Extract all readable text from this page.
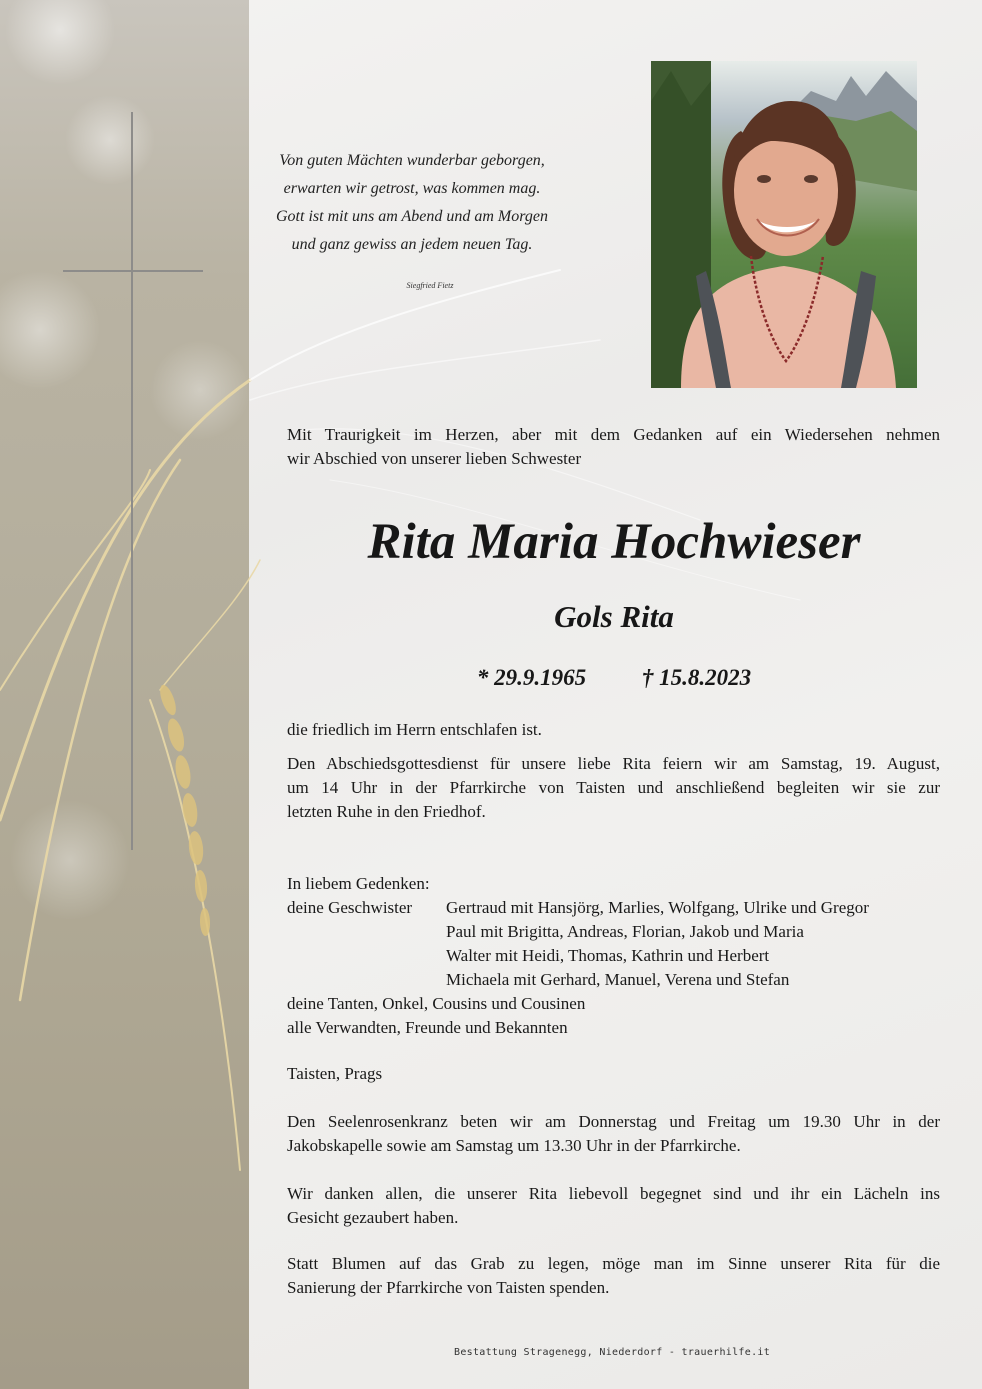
Von guten Mächten wunderbar geborgen,
erwarten wir getrost, was kommen mag.
Gott ist mit uns am Abend und am Morgen
und ganz gewiss an jedem neuen Tag.
Siegfried Fietz
Mit Traurigkeit im Herzen, aber mit dem Gedanken auf ein Wiedersehen nehmen
wir Abschied von unserer lieben Schwester
Rita Maria Hochwieser
Gols Rita
* 29.9.1965 † 15.8.2023
die friedlich im Herrn entschlafen ist.
Den Abschiedsgottesdienst für unsere liebe Rita feiern wir am Samstag, 19. August,
um 14 Uhr in der Pfarrkirche von Taisten und anschließend begleiten wir sie zur
letzten Ruhe in den Friedhof.
In liebem Gedenken:
deine Geschwister Gertraud mit Hansjörg, Marlies, Wolfgang, Ulrike und Gregor
Paul mit Brigitta, Andreas, Florian, Jakob und Maria
Walter mit Heidi, Thomas, Kathrin und Herbert
Michaela mit Gerhard, Manuel, Verena und Stefan
deine Tanten, Onkel, Cousins und Cousinen
alle Verwandten, Freunde und Bekannten
Taisten, Prags
Den Seelenrosenkranz beten wir am Donnerstag und Freitag um 19.30 Uhr in der
Jakobskapelle sowie am Samstag um 13.30 Uhr in der Pfarrkirche.
Wir danken allen, die unserer Rita liebevoll begegnet sind und ihr ein Lächeln ins
Gesicht gezaubert haben.
Statt Blumen auf das Grab zu legen, möge man im Sinne unserer Rita für die
Sanierung der Pfarrkirche von Taisten spenden.
Bestattung Stragenegg, Niederdorf - trauerhilfe.it
